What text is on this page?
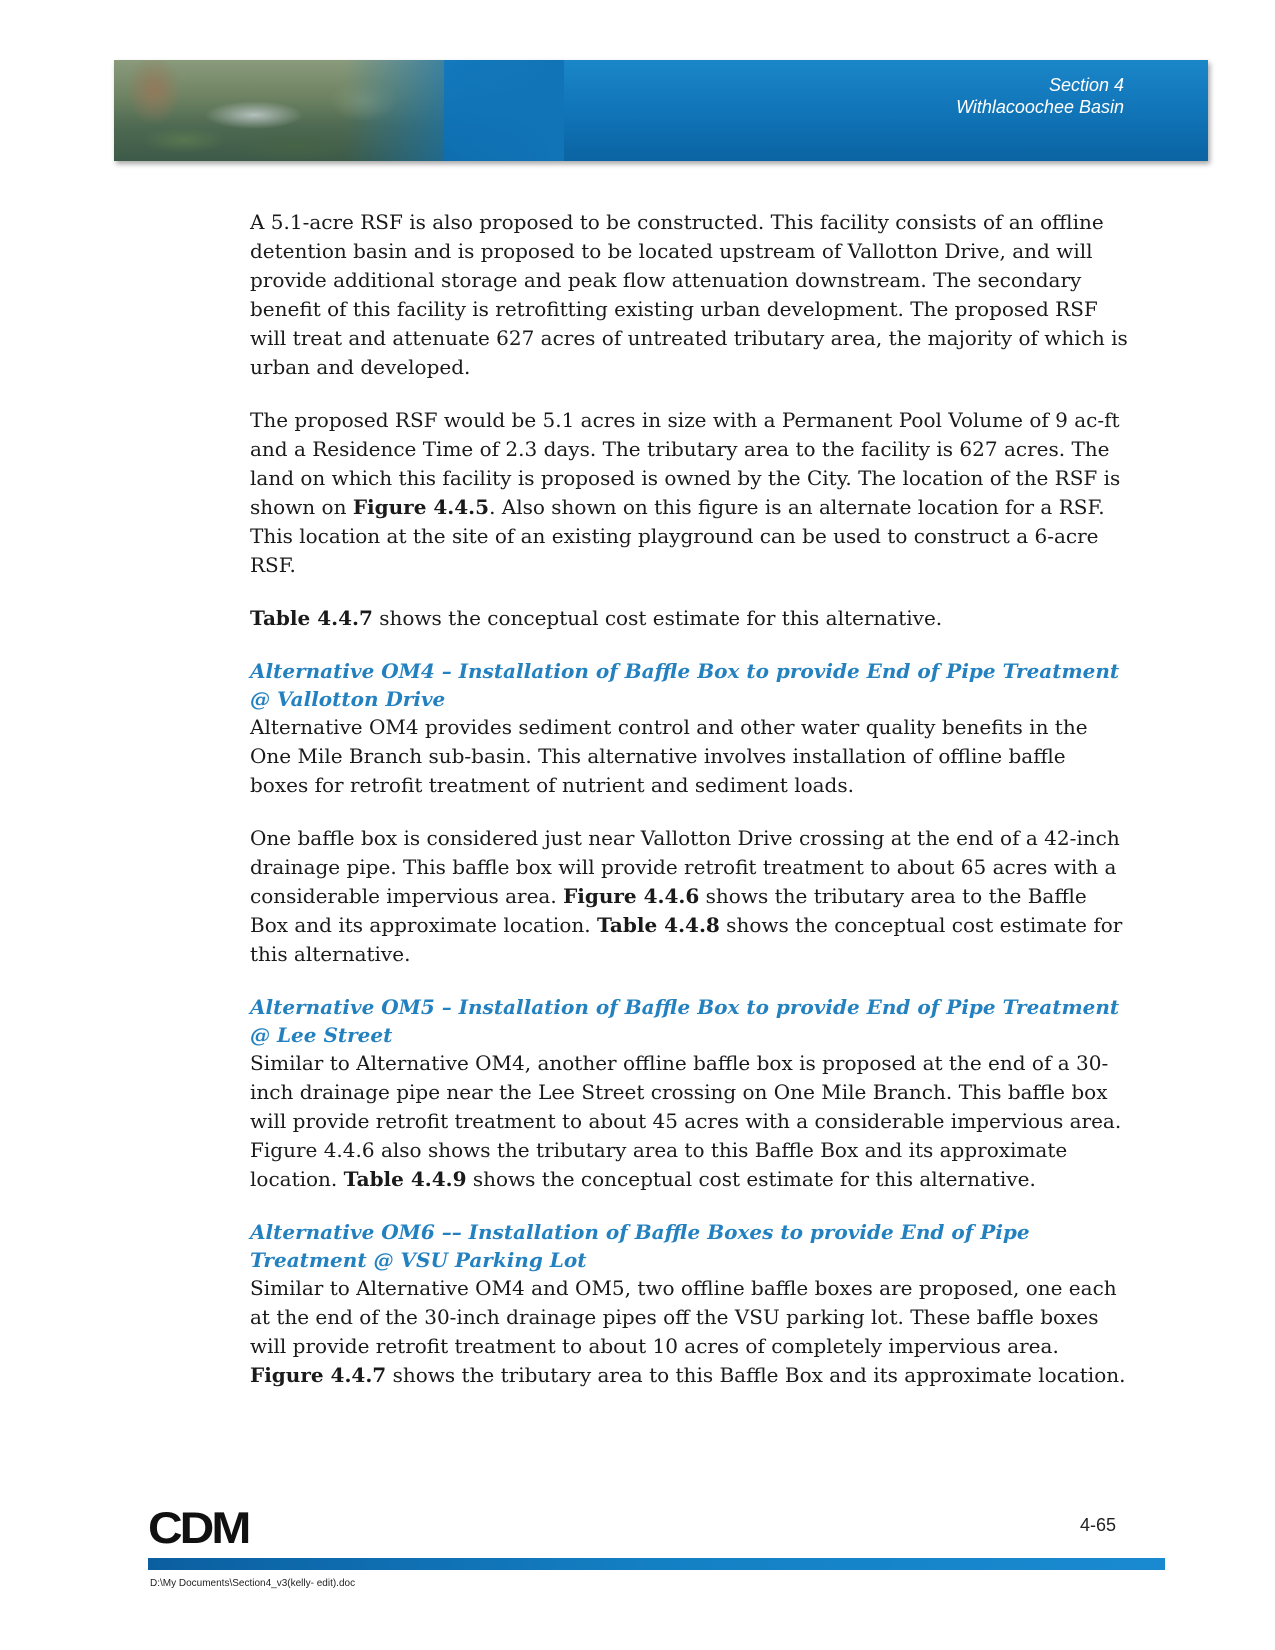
Section 4
Withlacoochee Basin

A 5.1-acre RSF is also proposed to be constructed. This facility consists of an offline detention basin and is proposed to be located upstream of Vallotton Drive, and will provide additional storage and peak flow attenuation downstream. The secondary benefit of this facility is retrofitting existing urban development. The proposed RSF will treat and attenuate 627 acres of untreated tributary area, the majority of which is urban and developed.

The proposed RSF would be 5.1 acres in size with a Permanent Pool Volume of 9 ac-ft and a Residence Time of 2.3 days. The tributary area to the facility is 627 acres. The land on which this facility is proposed is owned by the City. The location of the RSF is shown on Figure 4.4.5. Also shown on this figure is an alternate location for a RSF. This location at the site of an existing playground can be used to construct a 6-acre RSF.

Table 4.4.7 shows the conceptual cost estimate for this alternative.

Alternative OM4 – Installation of Baffle Box to provide End of Pipe Treatment @ Vallotton Drive

Alternative OM4 provides sediment control and other water quality benefits in the One Mile Branch sub-basin. This alternative involves installation of offline baffle boxes for retrofit treatment of nutrient and sediment loads.

One baffle box is considered just near Vallotton Drive crossing at the end of a 42-inch drainage pipe. This baffle box will provide retrofit treatment to about 65 acres with a considerable impervious area. Figure 4.4.6 shows the tributary area to the Baffle Box and its approximate location. Table 4.4.8 shows the conceptual cost estimate for this alternative.

Alternative OM5 – Installation of Baffle Box to provide End of Pipe Treatment @ Lee Street

Similar to Alternative OM4, another offline baffle box is proposed at the end of a 30-inch drainage pipe near the Lee Street crossing on One Mile Branch. This baffle box will provide retrofit treatment to about 45 acres with a considerable impervious area. Figure 4.4.6 also shows the tributary area to this Baffle Box and its approximate location. Table 4.4.9 shows the conceptual cost estimate for this alternative.

Alternative OM6 –– Installation of Baffle Boxes to provide End of Pipe Treatment @ VSU Parking Lot

Similar to Alternative OM4 and OM5, two offline baffle boxes are proposed, one each at the end of the 30-inch drainage pipes off the VSU parking lot. These baffle boxes will provide retrofit treatment to about 10 acres of completely impervious area. Figure 4.4.7 shows the tributary area to this Baffle Box and its approximate location.

CDM	4-65
D:\My Documents\Section4_v3(kelly- edit).doc
